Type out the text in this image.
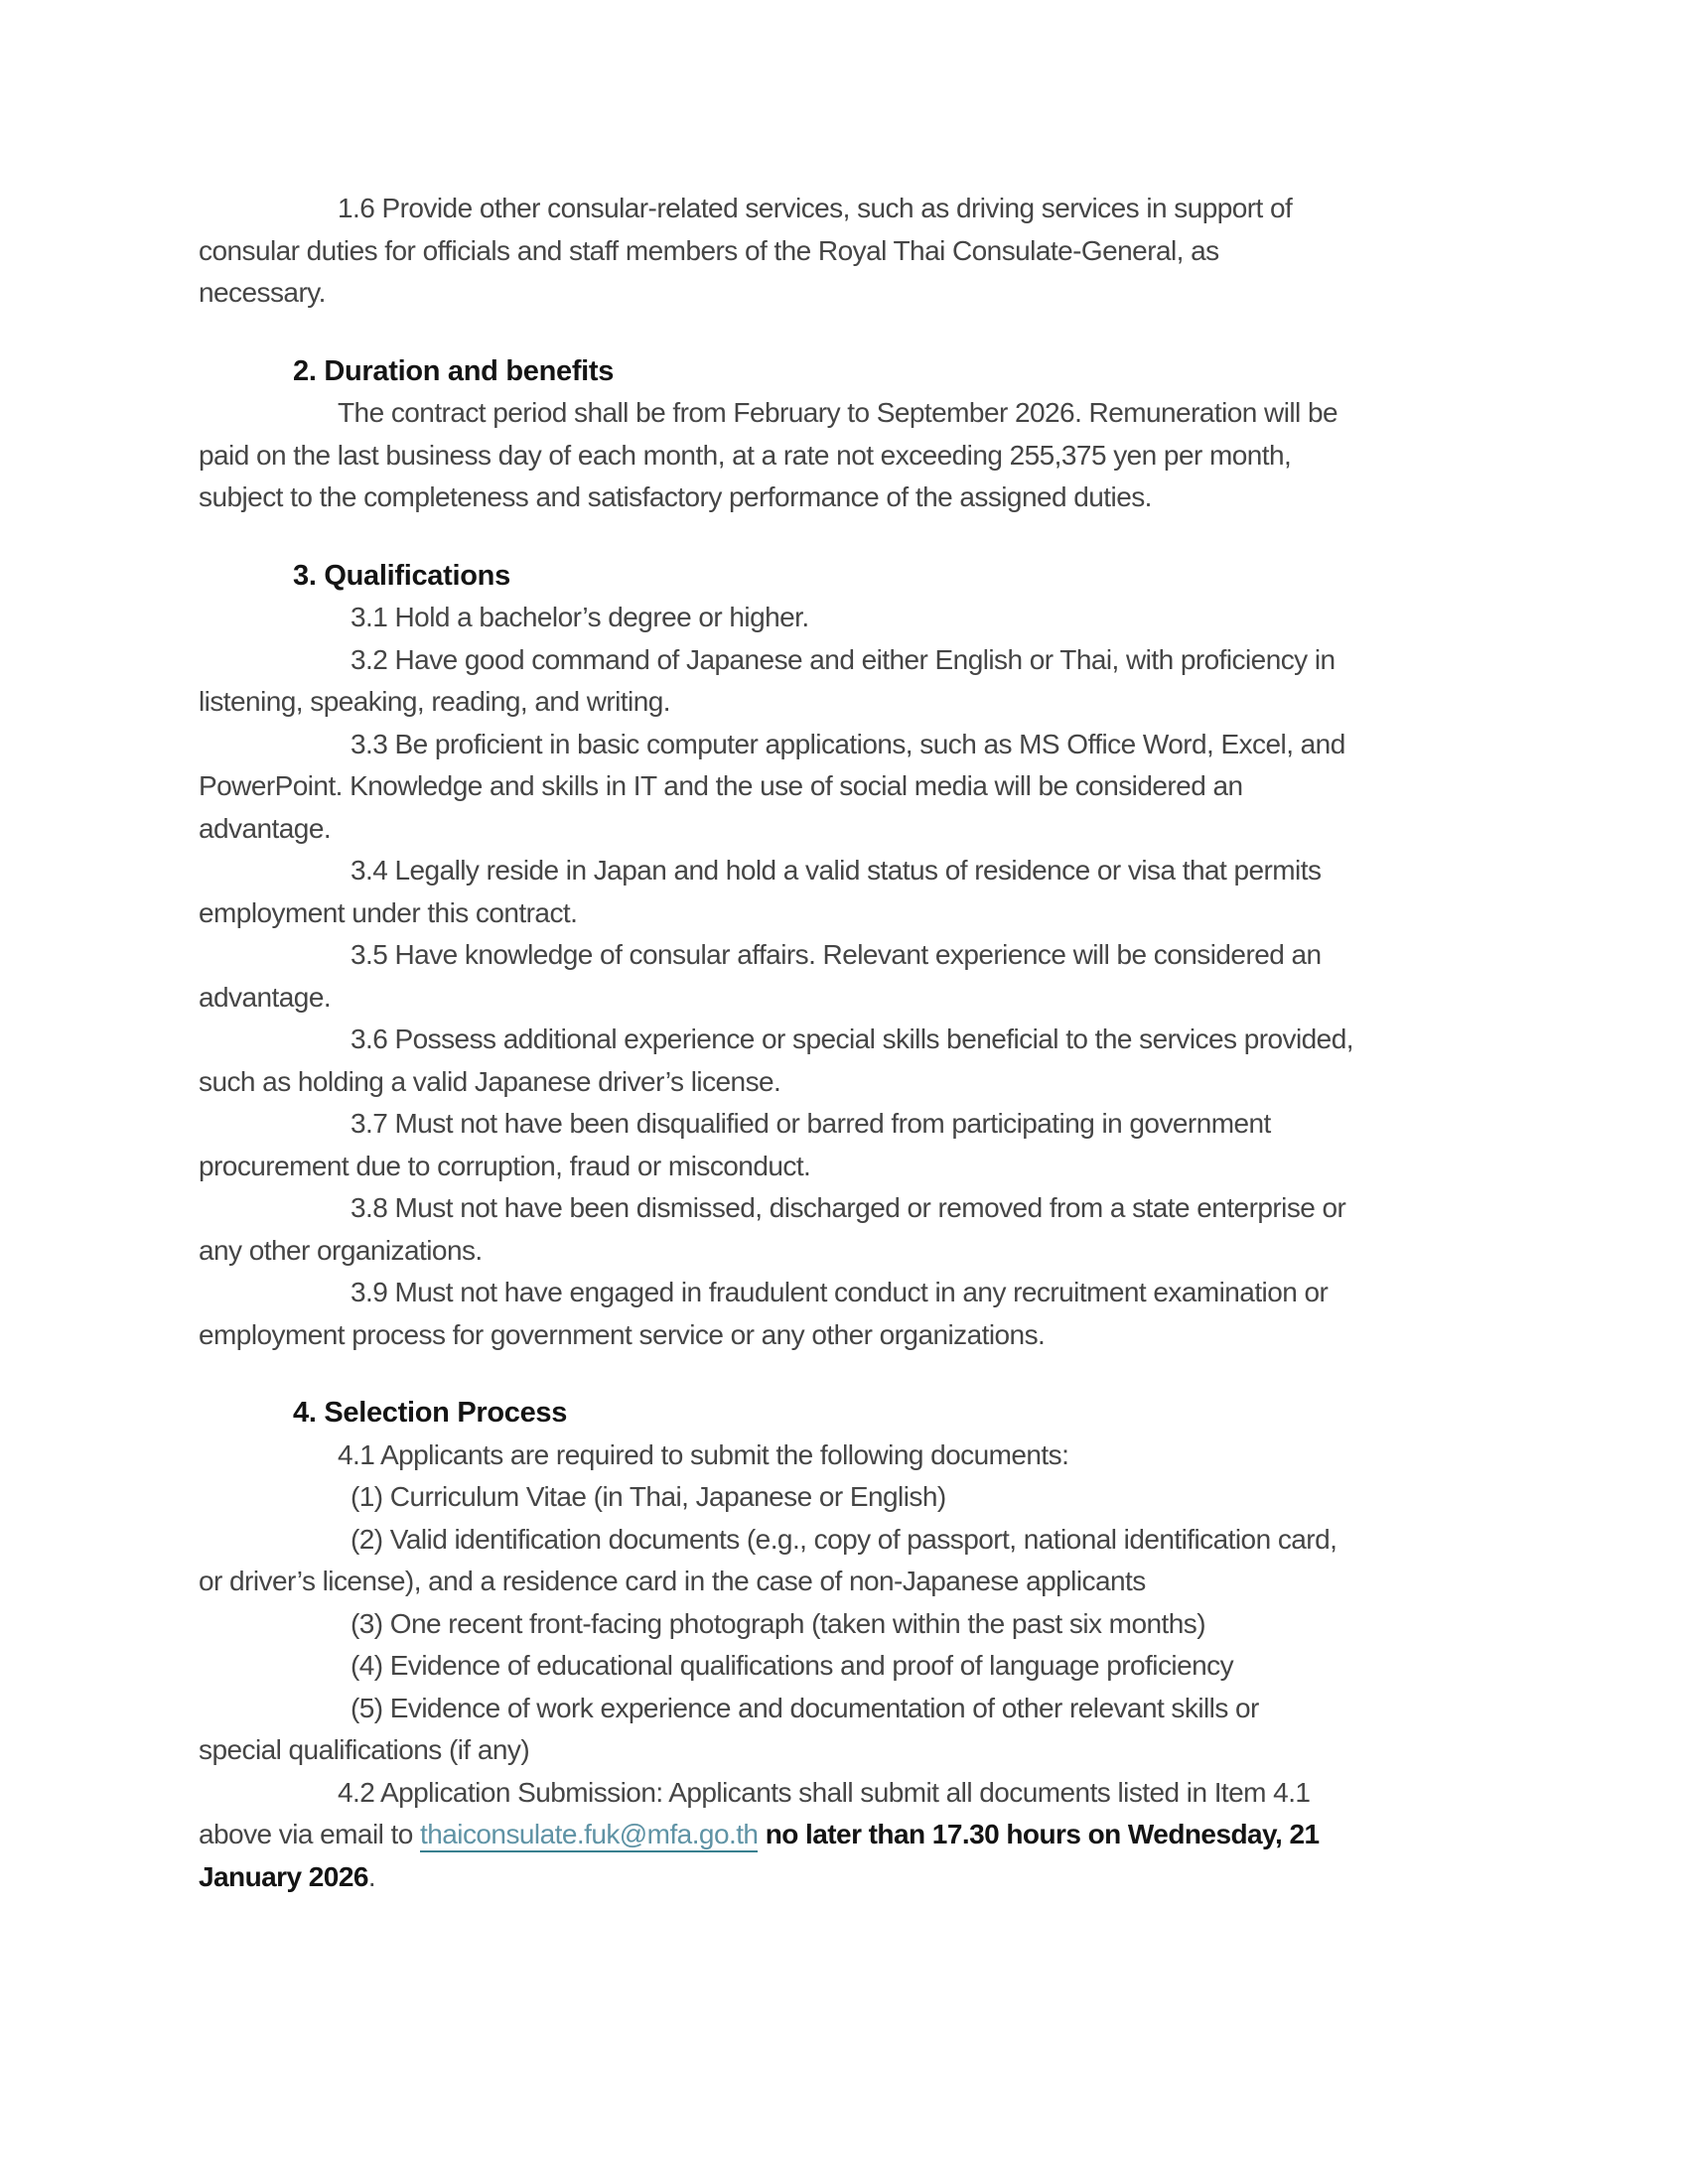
1.6 Provide other consular-related services, such as driving services in support of
consular duties for officials and staff members of the Royal Thai Consulate-General, as
necessary.
2. Duration and benefits
The contract period shall be from February to September 2026. Remuneration will be
paid on the last business day of each month, at a rate not exceeding 255,375 yen per month,
subject to the completeness and satisfactory performance of the assigned duties.
3. Qualifications
3.1 Hold a bachelor’s degree or higher.
3.2 Have good command of Japanese and either English or Thai, with proficiency in
listening, speaking, reading, and writing.
3.3 Be proficient in basic computer applications, such as MS Office Word, Excel, and
PowerPoint. Knowledge and skills in IT and the use of social media will be considered an
advantage.
3.4 Legally reside in Japan and hold a valid status of residence or visa that permits
employment under this contract.
3.5 Have knowledge of consular affairs. Relevant experience will be considered an
advantage.
3.6 Possess additional experience or special skills beneficial to the services provided,
such as holding a valid Japanese driver’s license.
3.7 Must not have been disqualified or barred from participating in government
procurement due to corruption, fraud or misconduct.
3.8 Must not have been dismissed, discharged or removed from a state enterprise or
any other organizations.
3.9 Must not have engaged in fraudulent conduct in any recruitment examination or
employment process for government service or any other organizations.
4. Selection Process
4.1 Applicants are required to submit the following documents:
(1) Curriculum Vitae (in Thai, Japanese or English)
(2) Valid identification documents (e.g., copy of passport, national identification card,
or driver’s license), and a residence card in the case of non-Japanese applicants
(3) One recent front-facing photograph (taken within the past six months)
(4) Evidence of educational qualifications and proof of language proficiency
(5) Evidence of work experience and documentation of other relevant skills or
special qualifications (if any)
4.2 Application Submission: Applicants shall submit all documents listed in Item 4.1
above via email to thaiconsulate.fuk@mfa.go.th no later than 17.30 hours on Wednesday, 21
January 2026.
